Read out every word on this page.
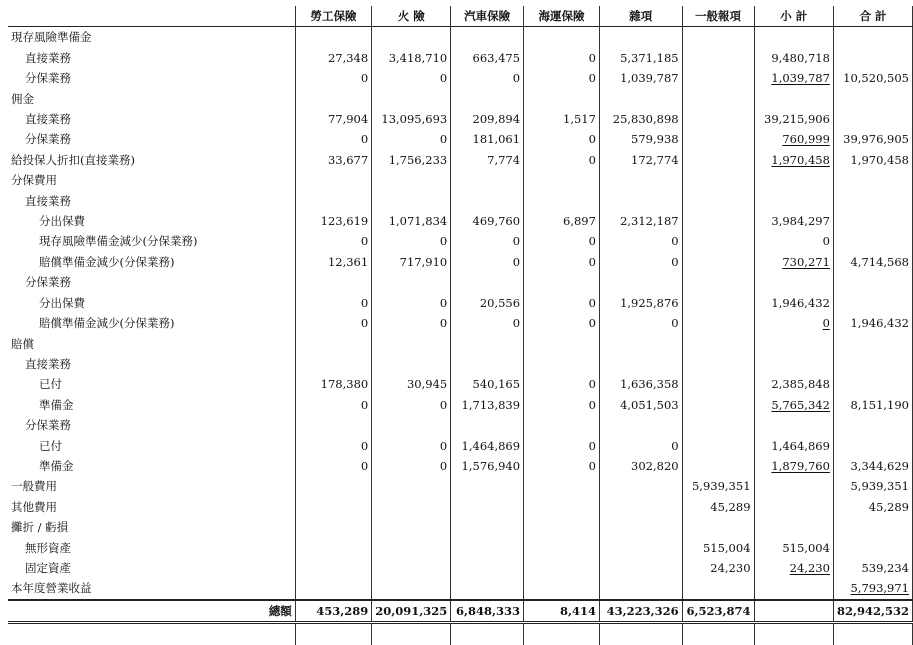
	勞工保險	火 險	汽車保險	海運保險	雜項	一般報項	小 計	合 計
現存風險準備金								
直接業務	27,348	3,418,710	663,475	0	5,371,185		9,480,718	
分保業務	0	0	0	0	1,039,787		1,039,787	10,520,505
佣金								
直接業務	77,904	13,095,693	209,894	1,517	25,830,898		39,215,906	
分保業務	0	0	181,061	0	579,938		760,999	39,976,905
給投保人折扣(直接業務)	33,677	1,756,233	7,774	0	172,774		1,970,458	1,970,458
分保費用								
直接業務								
分出保費	123,619	1,071,834	469,760	6,897	2,312,187		3,984,297	
現存風險準備金減少(分保業務)	0	0	0	0	0		0	
賠償準備金減少(分保業務)	12,361	717,910	0	0	0		730,271	4,714,568
分保業務								
分出保費	0	0	20,556	0	1,925,876		1,946,432	
賠償準備金減少(分保業務)	0	0	0	0	0		0	1,946,432
賠償								
直接業務								
已付	178,380	30,945	540,165	0	1,636,358		2,385,848	
準備金	0	0	1,713,839	0	4,051,503		5,765,342	8,151,190
分保業務								
已付	0	0	1,464,869	0	0		1,464,869	
準備金	0	0	1,576,940	0	302,820		1,879,760	3,344,629
一般費用						5,939,351		5,939,351
其他費用						45,289		45,289
攤折 / 虧損								
無形資產						515,004	515,004	
固定資產						24,230	24,230	539,234
本年度營業收益								5,793,971
總額	453,289	20,091,325	6,848,333	8,414	43,223,326	6,523,874		82,942,532
